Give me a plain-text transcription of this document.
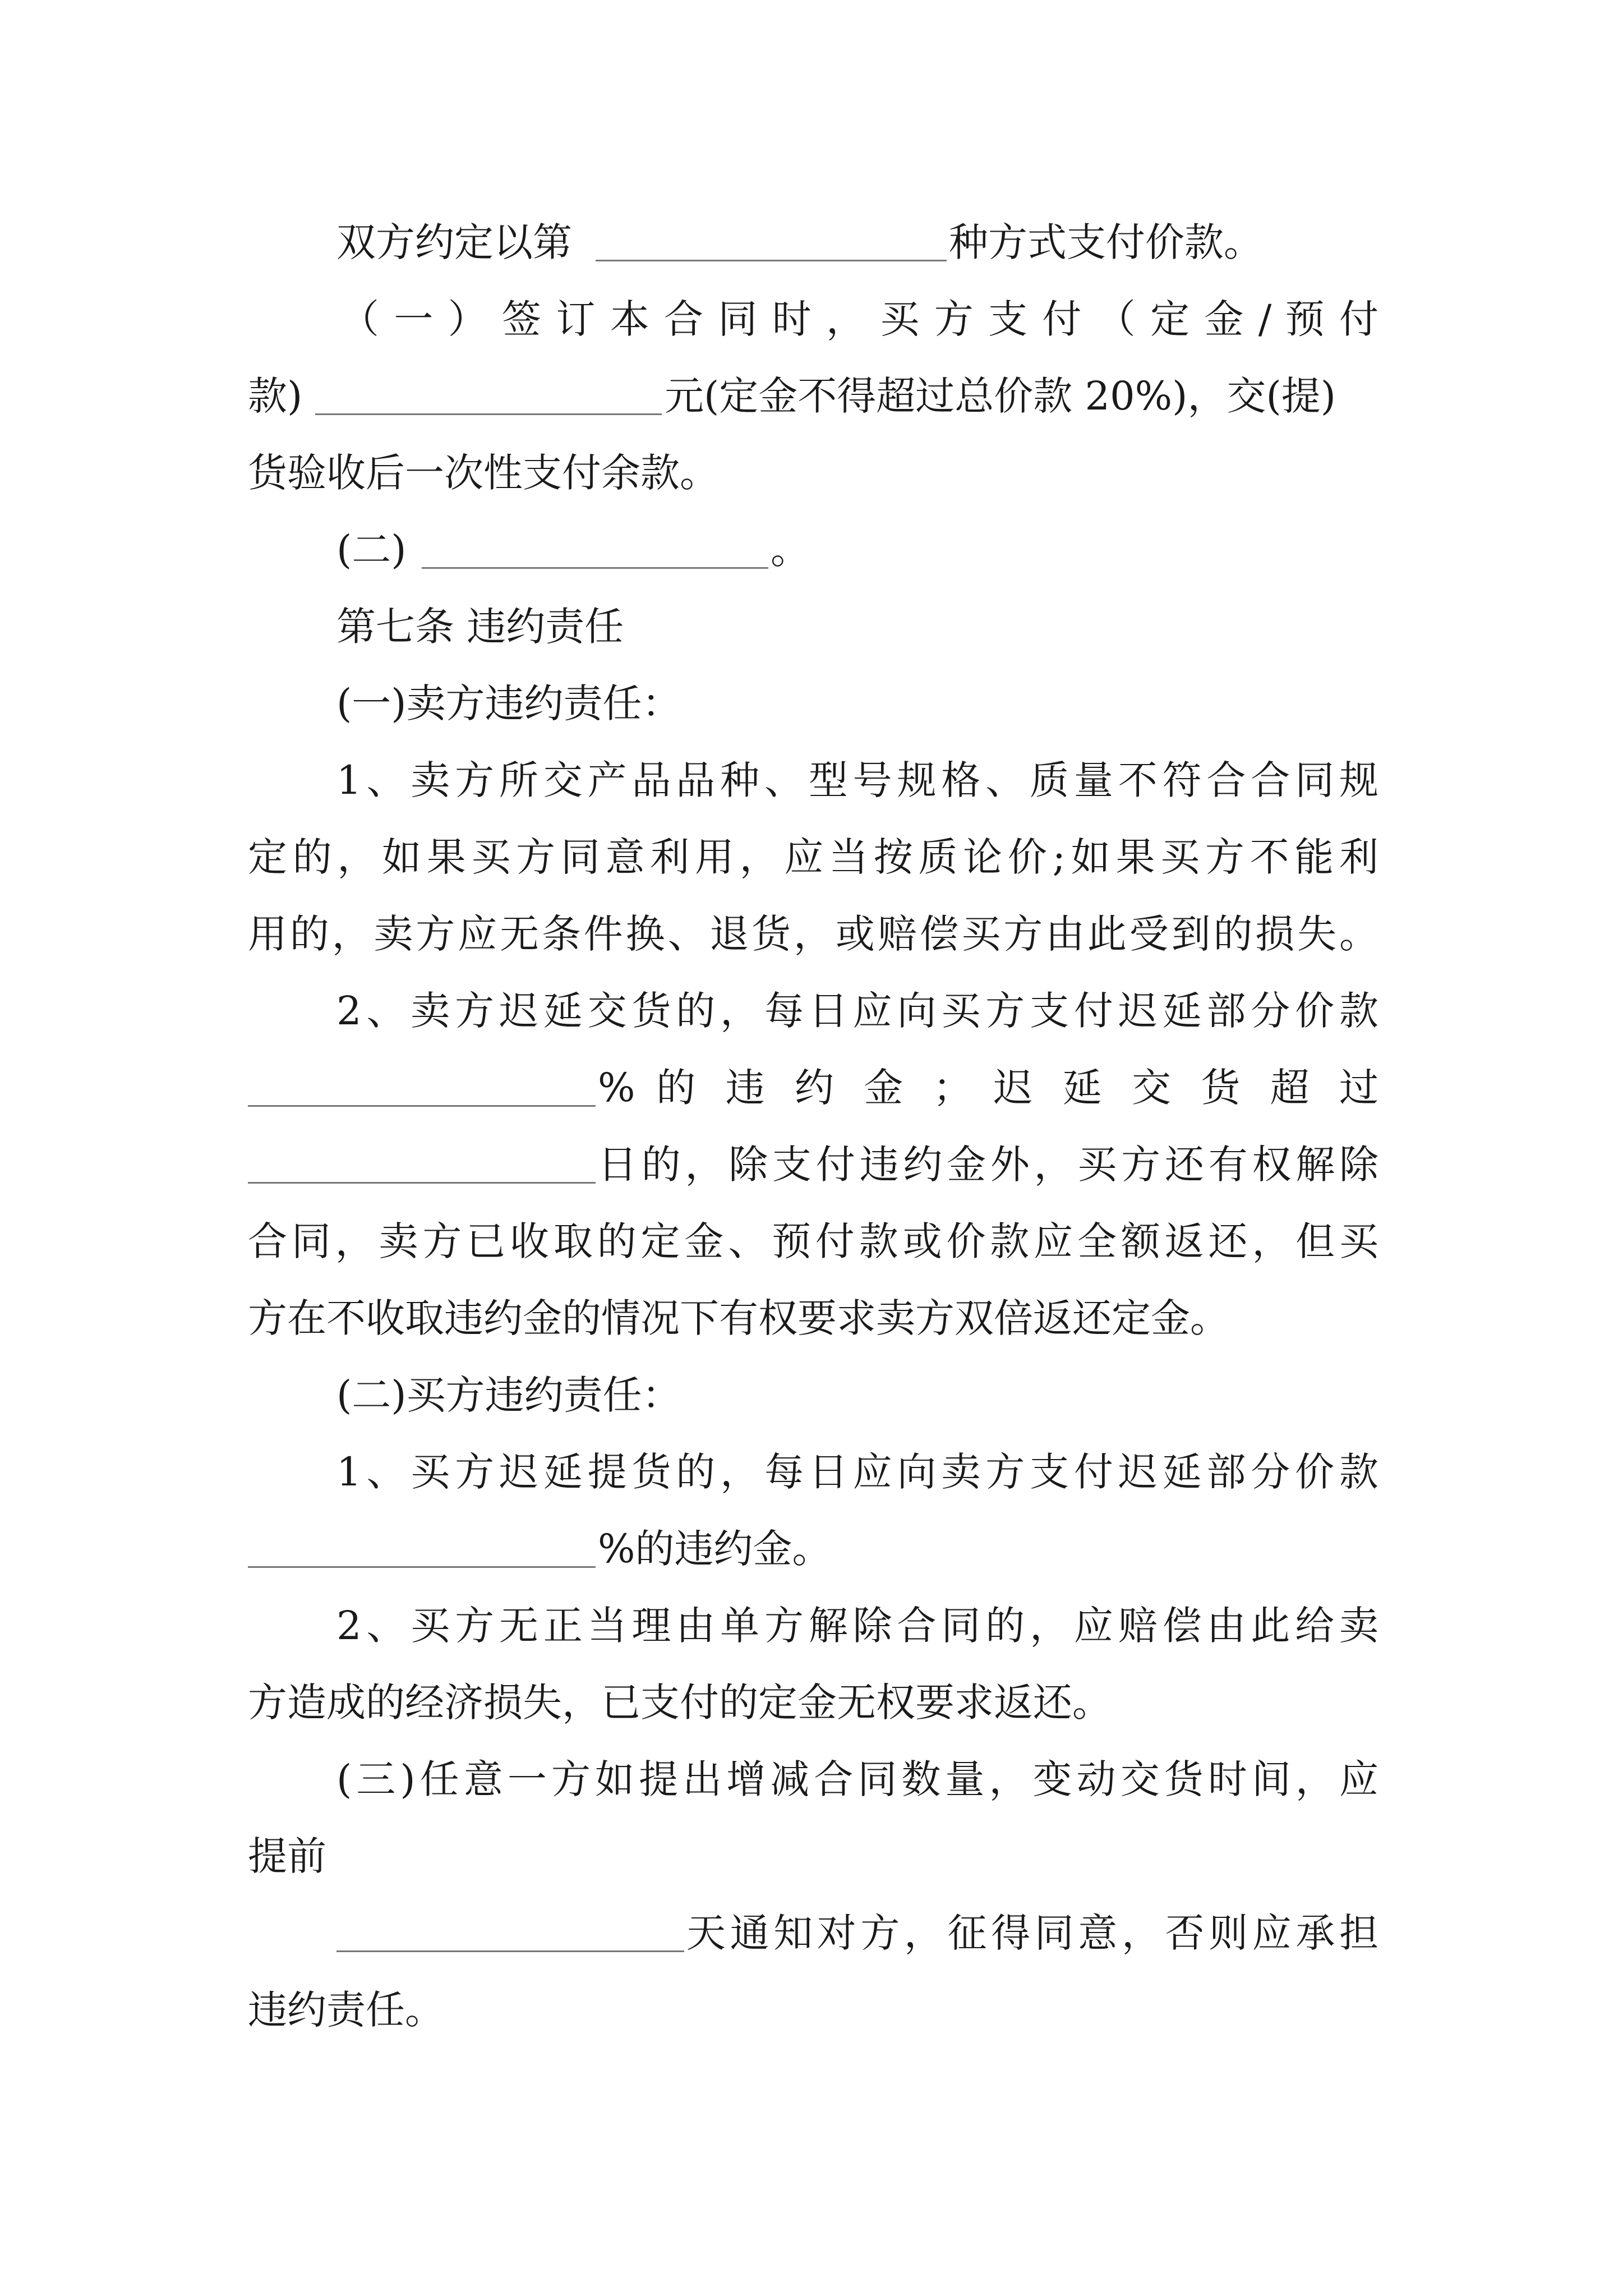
双方约定以第	种方式支付价款。
（ 一 ） 签 订 本 合 同 时 ， 买 方 支 付 （ 定 金 / 预 付
款)	元(定金不得超过总价款 20%)，交(提)
货验收后一次性支付余款。
(二)	。
第七条 违约责任
(一)卖方违约责任：
1、卖方所交产品品种、型号规格、质量不符合合同规
定的，如果买方同意利用，应当按质论价;如果买方不能利
用的，卖方应无条件换、退货，或赔偿买方由此受到的损失。
2、卖方迟延交货的，每日应向买方支付迟延部分价款
% 的 违 约 金 ； 迟 延 交 货 超 过
日的，除支付违约金外，买方还有权解除
合同，卖方已收取的定金、预付款或价款应全额返还，但买
方在不收取违约金的情况下有权要求卖方双倍返还定金。
(二)买方违约责任：
1、买方迟延提货的，每日应向卖方支付迟延部分价款
%的违约金。
2、买方无正当理由单方解除合同的，应赔偿由此给卖
方造成的经济损失，已支付的定金无权要求返还。
(三)任意一方如提出增减合同数量，变动交货时间，应
提前
天通知对方，征得同意，否则应承担
违约责任。
